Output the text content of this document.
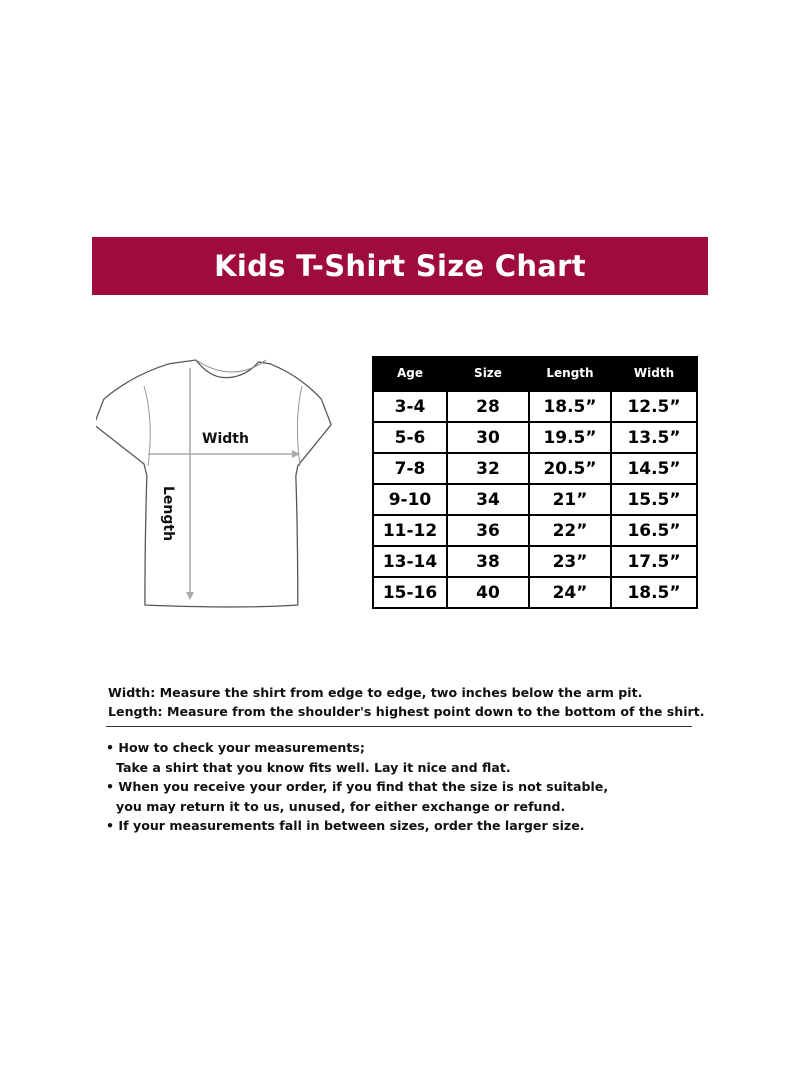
Kids T-Shirt Size Chart
Width
Length
Age	Size	Length	Width
3-4	28	18.5”	12.5”
5-6	30	19.5”	13.5”
7-8	32	20.5”	14.5”
9-10	34	21”	15.5”
11-12	36	22”	16.5”
13-14	38	23”	17.5”
15-16	40	24”	18.5”
Width: Measure the shirt from edge to edge, two inches below the arm pit.
Length: Measure from the shoulder's highest point down to the bottom of the shirt.
• How to check your measurements;
Take a shirt that you know fits well. Lay it nice and flat.
• When you receive your order, if you find that the size is not suitable,
you may return it to us, unused, for either exchange or refund.
• If your measurements fall in between sizes, order the larger size.
